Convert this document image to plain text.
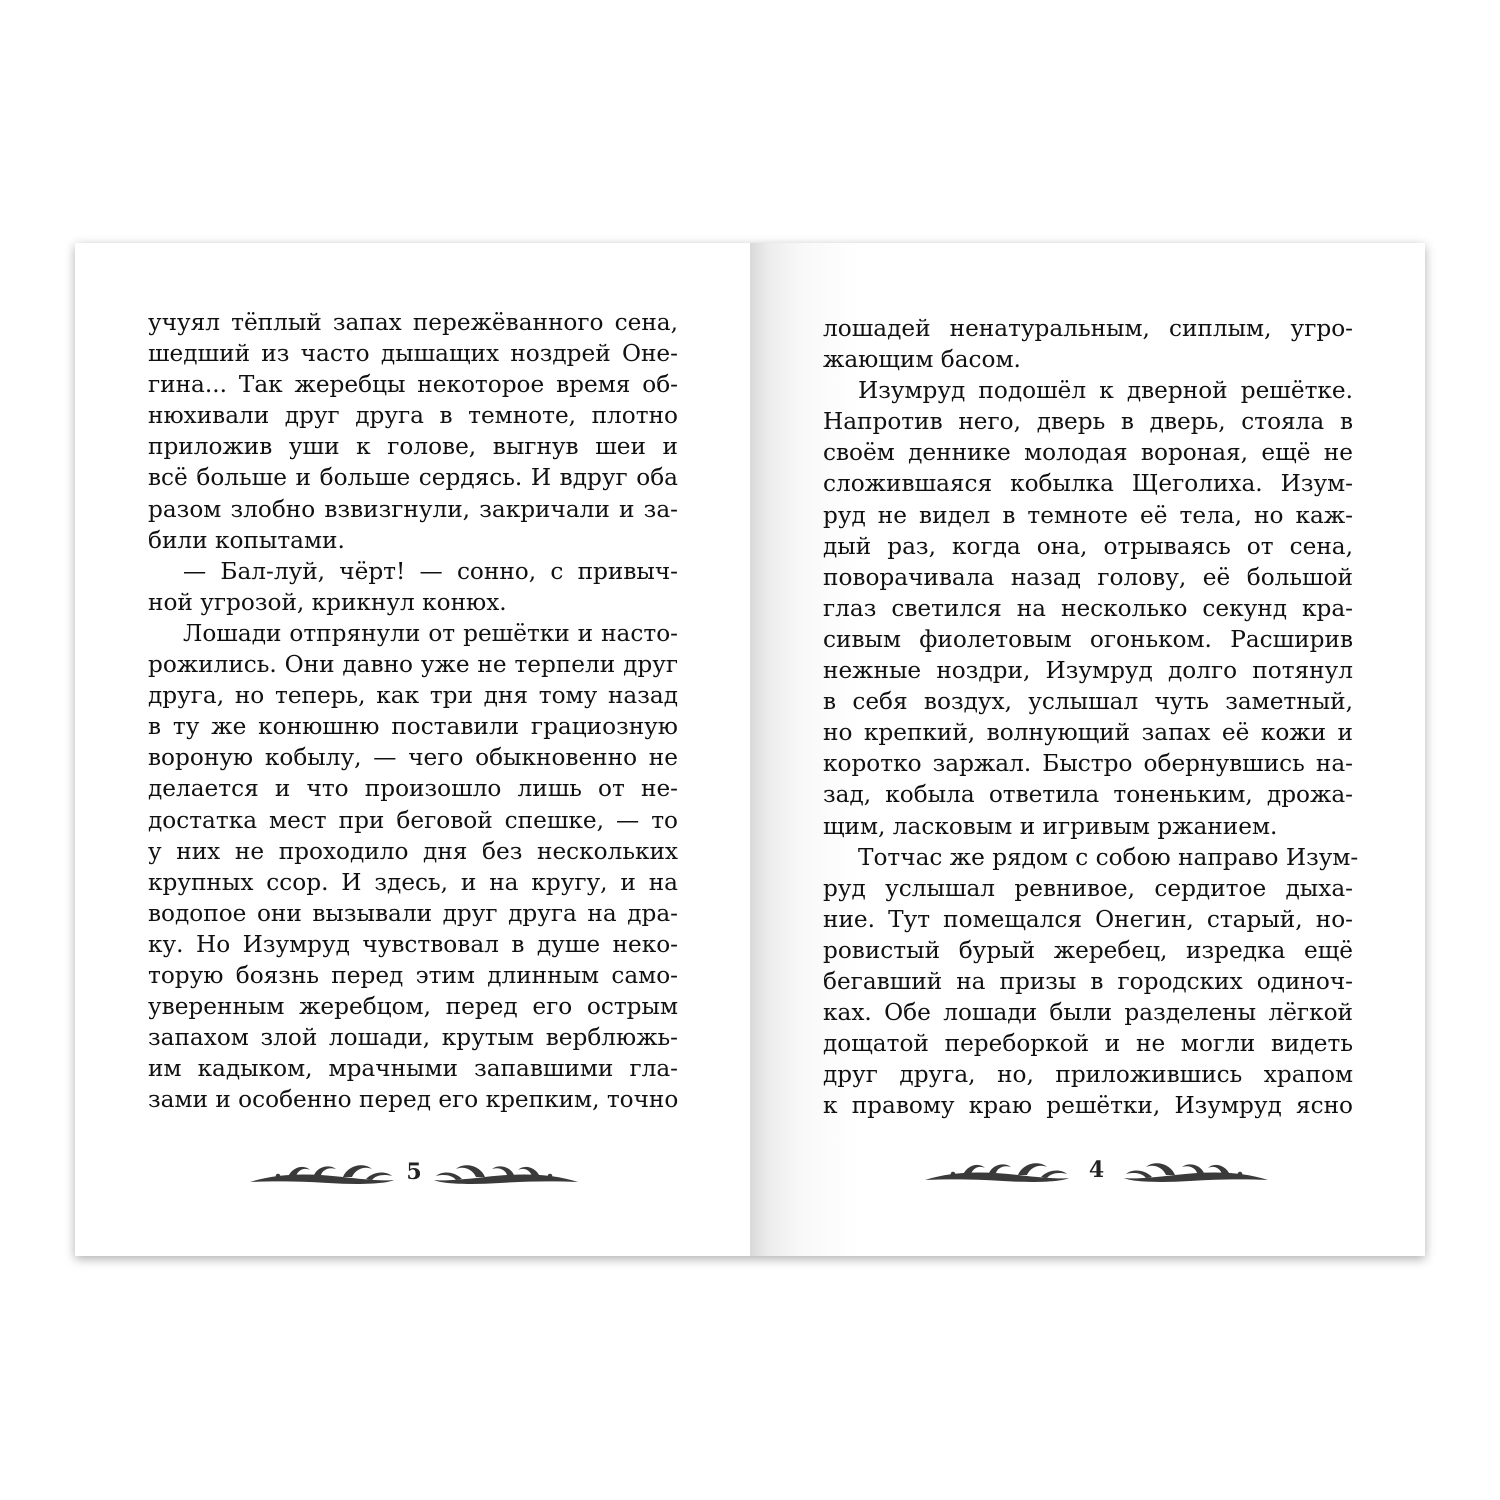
учуял тёплый запах пережёванного сена,
шедший из часто дышащих ноздрей Оне-
гина... Так жеребцы некоторое время об-
нюхивали друг друга в темноте, плотно
приложив уши к голове, выгнув шеи и
всё больше и больше сердясь. И вдруг оба
разом злобно взвизгнули, закричали и за-
били копытами.
— Бал-луй, чёрт! — сонно, с привыч-
ной угрозой, крикнул конюх.
Лошади отпрянули от решётки и насто-
рожились. Они давно уже не терпели друг
друга, но теперь, как три дня тому назад
в ту же конюшню поставили грациозную
вороную кобылу, — чего обыкновенно не
делается и что произошло лишь от не-
достатка мест при беговой спешке, — то
у них не проходило дня без нескольких
крупных ссор. И здесь, и на кругу, и на
водопое они вызывали друг друга на дра-
ку. Но Изумруд чувствовал в душе неко-
торую боязнь перед этим длинным само-
уверенным жеребцом, перед его острым
запахом злой лошади, крутым верблюжь-
им кадыком, мрачными запавшими гла-
зами и особенно перед его крепким, точно
5
лошадей ненатуральным, сиплым, угро-
жающим басом.
Изумруд подошёл к дверной решётке.
Напротив него, дверь в дверь, стояла в
своём деннике молодая вороная, ещё не
сложившаяся кобылка Щеголиха. Изум-
руд не видел в темноте её тела, но каж-
дый раз, когда она, отрываясь от сена,
поворачивала назад голову, её большой
глаз светился на несколько секунд кра-
сивым фиолетовым огоньком. Расширив
нежные ноздри, Изумруд долго потянул
в себя воздух, услышал чуть заметный,
но крепкий, волнующий запах её кожи и
коротко заржал. Быстро обернувшись на-
зад, кобыла ответила тоненьким, дрожа-
щим, ласковым и игривым ржанием.
Тотчас же рядом с собою направо Изум-
руд услышал ревнивое, сердитое дыха-
ние. Тут помещался Онегин, старый, но-
ровистый бурый жеребец, изредка ещё
бегавший на призы в городских одиноч-
ках. Обе лошади были разделены лёгкой
дощатой переборкой и не могли видеть
друг друга, но, приложившись храпом
к правому краю решётки, Изумруд ясно
4
